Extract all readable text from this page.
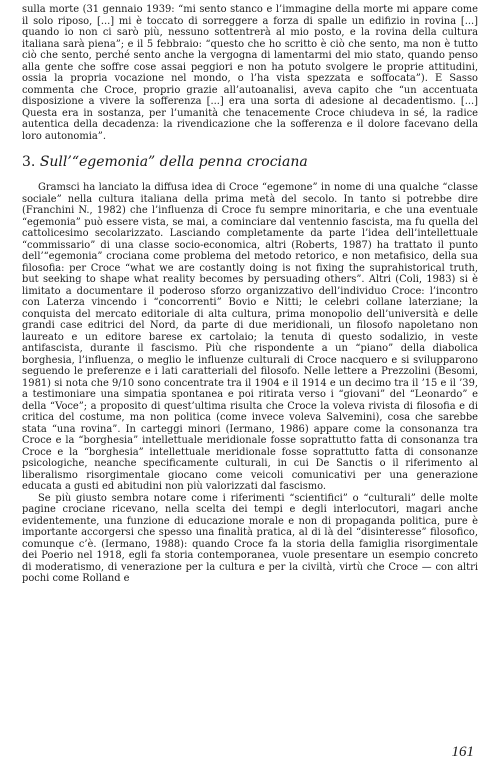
sulla morte (31 gennaio 1939: “mi sento stanco e l’immagine della morte mi appare come il solo riposo, [...] mi è toccato di sorreggere a forza di spalle un edifizio in rovina [...] quando io non ci sarò più, nessuno sottentrerà al mio posto, e la rovina della cultura italiana sarà piena”; e il 5 febbraio: “questo che ho scritto è ciò che sento, ma non è tutto ciò che sento, perché sento anche la vergogna di lamentarmi del mio stato, quando penso alla gente che soffre cose assai peggiori e non ha potuto svolgere le proprie attitudini, ossia la propria vocazione nel mondo, o l’ha vista spezzata e soffocata”). E Sasso commenta che Croce, proprio grazie all’autoanalisi, aveva capito che “un accentuata disposizione a vivere la sofferenza [...] era una sorta di adesione al decadentismo. [...] Questa era in sostanza, per l’umanità che tenacemente Croce chiudeva in sé, la radice autentica della decadenza: la rivendicazione che la sofferenza e il dolore facevano della loro autonomia”.

3. Sull’“egemonia” della penna crociana

Gramsci ha lanciato la diffusa idea di Croce “egemone” in nome di una qualche “classe sociale” nella cultura italiana della prima metà del secolo. In tanto si potrebbe dire (Franchini N., 1982) che l’influenza di Croce fu sempre minoritaria, e che una eventuale “egemonia” può essere vista, se mai, a cominciare dal ventennio fascista, ma fu quella del cattolicesimo secolarizzato. Lasciando completamente da parte l’idea dell’intellettuale “commissario” di una classe socio-economica, altri (Roberts, 1987) ha trattato il punto dell’“egemonia” crociana come problema del metodo retorico, e non metafisico, della sua filosofia: per Croce “what we are costantly doing is not fixing the suprahistorical truth, but seeking to shape what reality becomes by persuading others”. Altri (Coli, 1983) si è limitato a documentare il poderoso sforzo organizzativo dell’individuo Croce: l’incontro con Laterza vincendo i “concorrenti” Bovio e Nitti; le celebri collane laterziane; la conquista del mercato editoriale di alta cultura, prima monopolio dell’università e delle grandi case editrici del Nord, da parte di due meridionali, un filosofo napoletano non laureato e un editore barese ex cartolaio; la tenuta di questo sodalizio, in veste antifascista, durante il fascismo. Più che rispondente a un “piano” della diabolica borghesia, l’influenza, o meglio le influenze culturali di Croce nacquero e si svilupparono seguendo le preferenze e i lati caratteriali del filosofo. Nelle lettere a Prezzolini (Besomi, 1981) si nota che 9/10 sono concentrate tra il 1904 e il 1914 e un decimo tra il ’15 e il ’39, a testimoniare una simpatia spontanea e poi ritirata verso i “giovani” del “Leonardo” e della “Voce”; a proposito di quest’ultima risulta che Croce la voleva rivista di filosofia e di critica del costume, ma non politica (come invece voleva Salvemini), cosa che sarebbe stata “una rovina”. In carteggi minori (Iermano, 1986) appare come la consonanza tra Croce e la “borghesia” intellettuale meridionale fosse soprattutto fatta di consonanza tra Croce e la “borghesia” intellettuale meridionale fosse soprattutto fatta di consonanze psicologiche, neanche specificamente culturali, in cui De Sanctis o il riferimento al liberalismo risorgimentale giocano come veicoli comunicativi per una generazione educata a gusti ed abitudini non più valorizzati dal fascismo.

Se più giusto sembra notare come i riferimenti “scientifici” o “culturali” delle molte pagine crociane ricevano, nella scelta dei tempi e degli interlocutori, magari anche evidentemente, una funzione di educazione morale e non di propaganda politica, pure è importante accorgersi che spesso una finalità pratica, al di là del “disinteresse” filosofico, comunque c’è. (Iermano, 1988): quando Croce fa la storia della famiglia risorgimentale dei Poerio nel 1918, egli fa storia contemporanea, vuole presentare un esempio concreto di moderatismo, di venerazione per la cultura e per la civiltà, virtù che Croce — con altri pochi come Rolland e

161
